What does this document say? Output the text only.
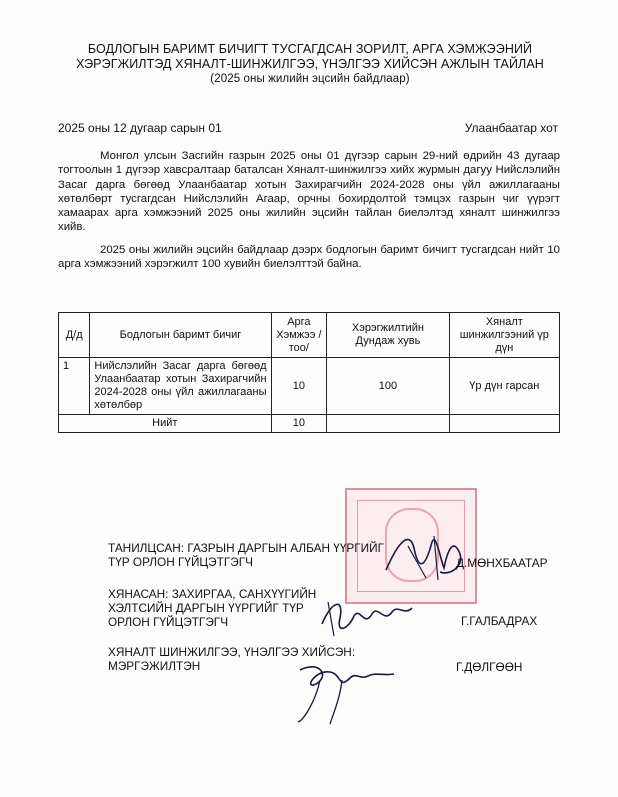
БОДЛОГЫН БАРИМТ БИЧИГТ ТУСГАГДСАН ЗОРИЛТ, АРГА ХЭМЖЭЭНИЙ
ХЭРЭГЖИЛТЭД ХЯНАЛТ-ШИНЖИЛГЭЭ, ҮНЭЛГЭЭ ХИЙСЭН АЖЛЫН ТАЙЛАН
(2025 оны жилийн эцсийн байдлаар)
2025 оны 12 дугаар сарын 01	Улаанбаатар хот
Монгол улсын Засгийн газрын 2025 оны 01 дүгээр сарын 29-ний өдрийн 43 дугаар тогтоолын 1 дүгээр хавсралтаар баталсан Хяналт-шинжилгээ хийх журмын дагуу Нийслэлийн Засаг дарга бөгөөд Улаанбаатар хотын Захирагчийн 2024-2028 оны үйл ажиллагааны хөтөлбөрт тусгагдсан Нийслэлийн Агаар, орчны бохирдолтой тэмцэх газрын чиг үүрэгт хамаарах арга хэмжээний 2025 оны жилийн эцсийн тайлан биелэлтэд хяналт шинжилгээ хийв.
2025 оны жилийн эцсийн байдлаар дээрх бодлогын баримт бичигт тусгагдсан нийт 10 арга хэмжээний хэрэгжилт 100 хувийн биелэлттэй байна.
Д/д	Бодлогын баримт бичиг	Арга Хэмжээ /тоо/	Хэрэгжилтийн Дундаж хувь	Хяналт шинжилгээний үр дүн
1	Нийслэлийн Засаг дарга бөгөөд Улаанбаатар хотын Захирагчийн 2024-2028 оны үйл ажиллагааны хөтөлбөр	10	100	Үр дүн гарсан
Нийт		10		
ТАНИЛЦСАН: ГАЗРЫН ДАРГЫН АЛБАН ҮҮРГИЙГ
ТҮР ОРЛОН ГҮЙЦЭТГЭГЧ	Д.МӨНХБААТАР
ХЯНАСАН: ЗАХИРГАА, САНХҮҮГИЙН
ХЭЛТСИЙН ДАРГЫН ҮҮРГИЙГ ТҮР
ОРЛОН ГҮЙЦЭТГЭГЧ	Г.ГАЛБАДРАХ
ХЯНАЛТ ШИНЖИЛГЭЭ, ҮНЭЛГЭЭ ХИЙСЭН:
МЭРГЭЖИЛТЭН	Г.ДӨЛГӨӨН
